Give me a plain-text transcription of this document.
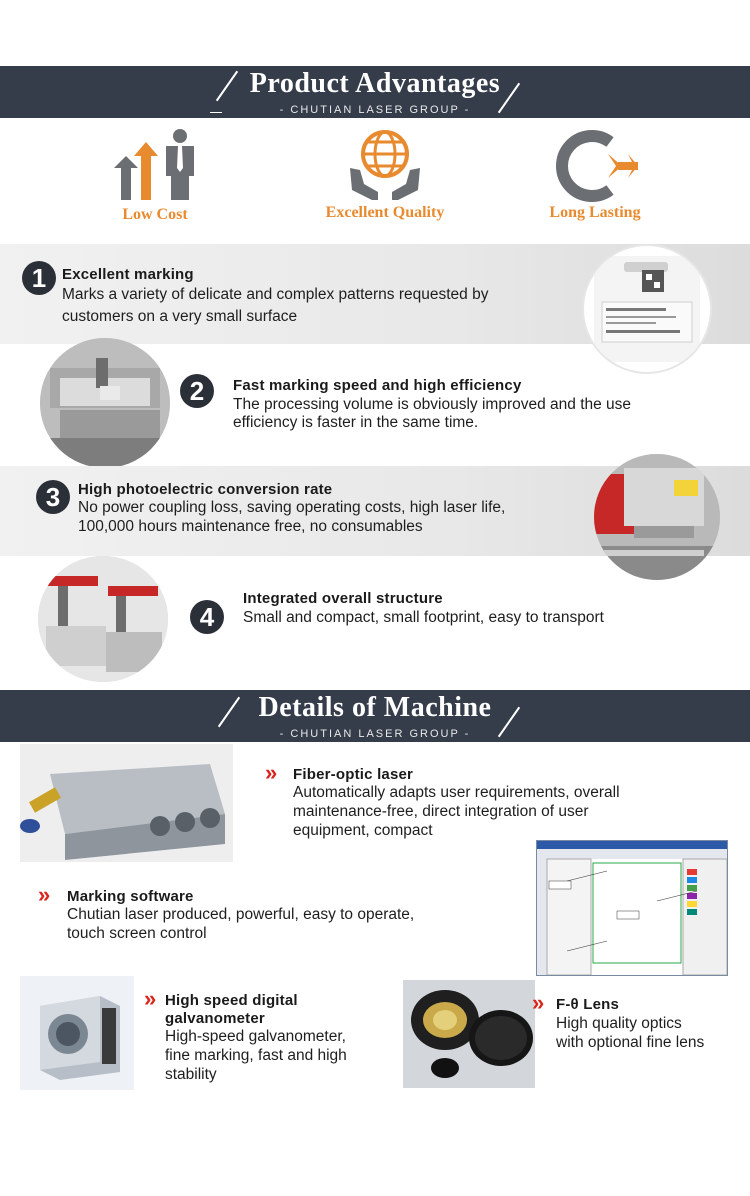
Product Advantages
- CHUTIAN LASER GROUP -
Low Cost	Excellent Quality	Long Lasting
1	Excellent marking
Marks a variety of delicate and complex patterns requested by
customers on a very small surface
2	Fast marking speed and high efficiency
The processing volume is obviously improved and the use
efficiency is faster in the same time.
3	High photoelectric conversion rate
No power coupling loss, saving operating costs, high laser life,
100,000 hours maintenance free, no consumables
4
Integrated overall structure
Small and compact, small footprint, easy to transport
Details of Machine
- CHUTIAN LASER GROUP -
» Fiber-optic laser
Automatically adapts user requirements, overall
maintenance-free, direct integration of user
equipment, compact
» Marking software
Chutian laser produced, powerful, easy to operate,
touch screen control
» High speed digital
galvanometer
High-speed galvanometer,
fine marking, fast and high
stability
» F-θ Lens
High quality optics
with optional fine lens
